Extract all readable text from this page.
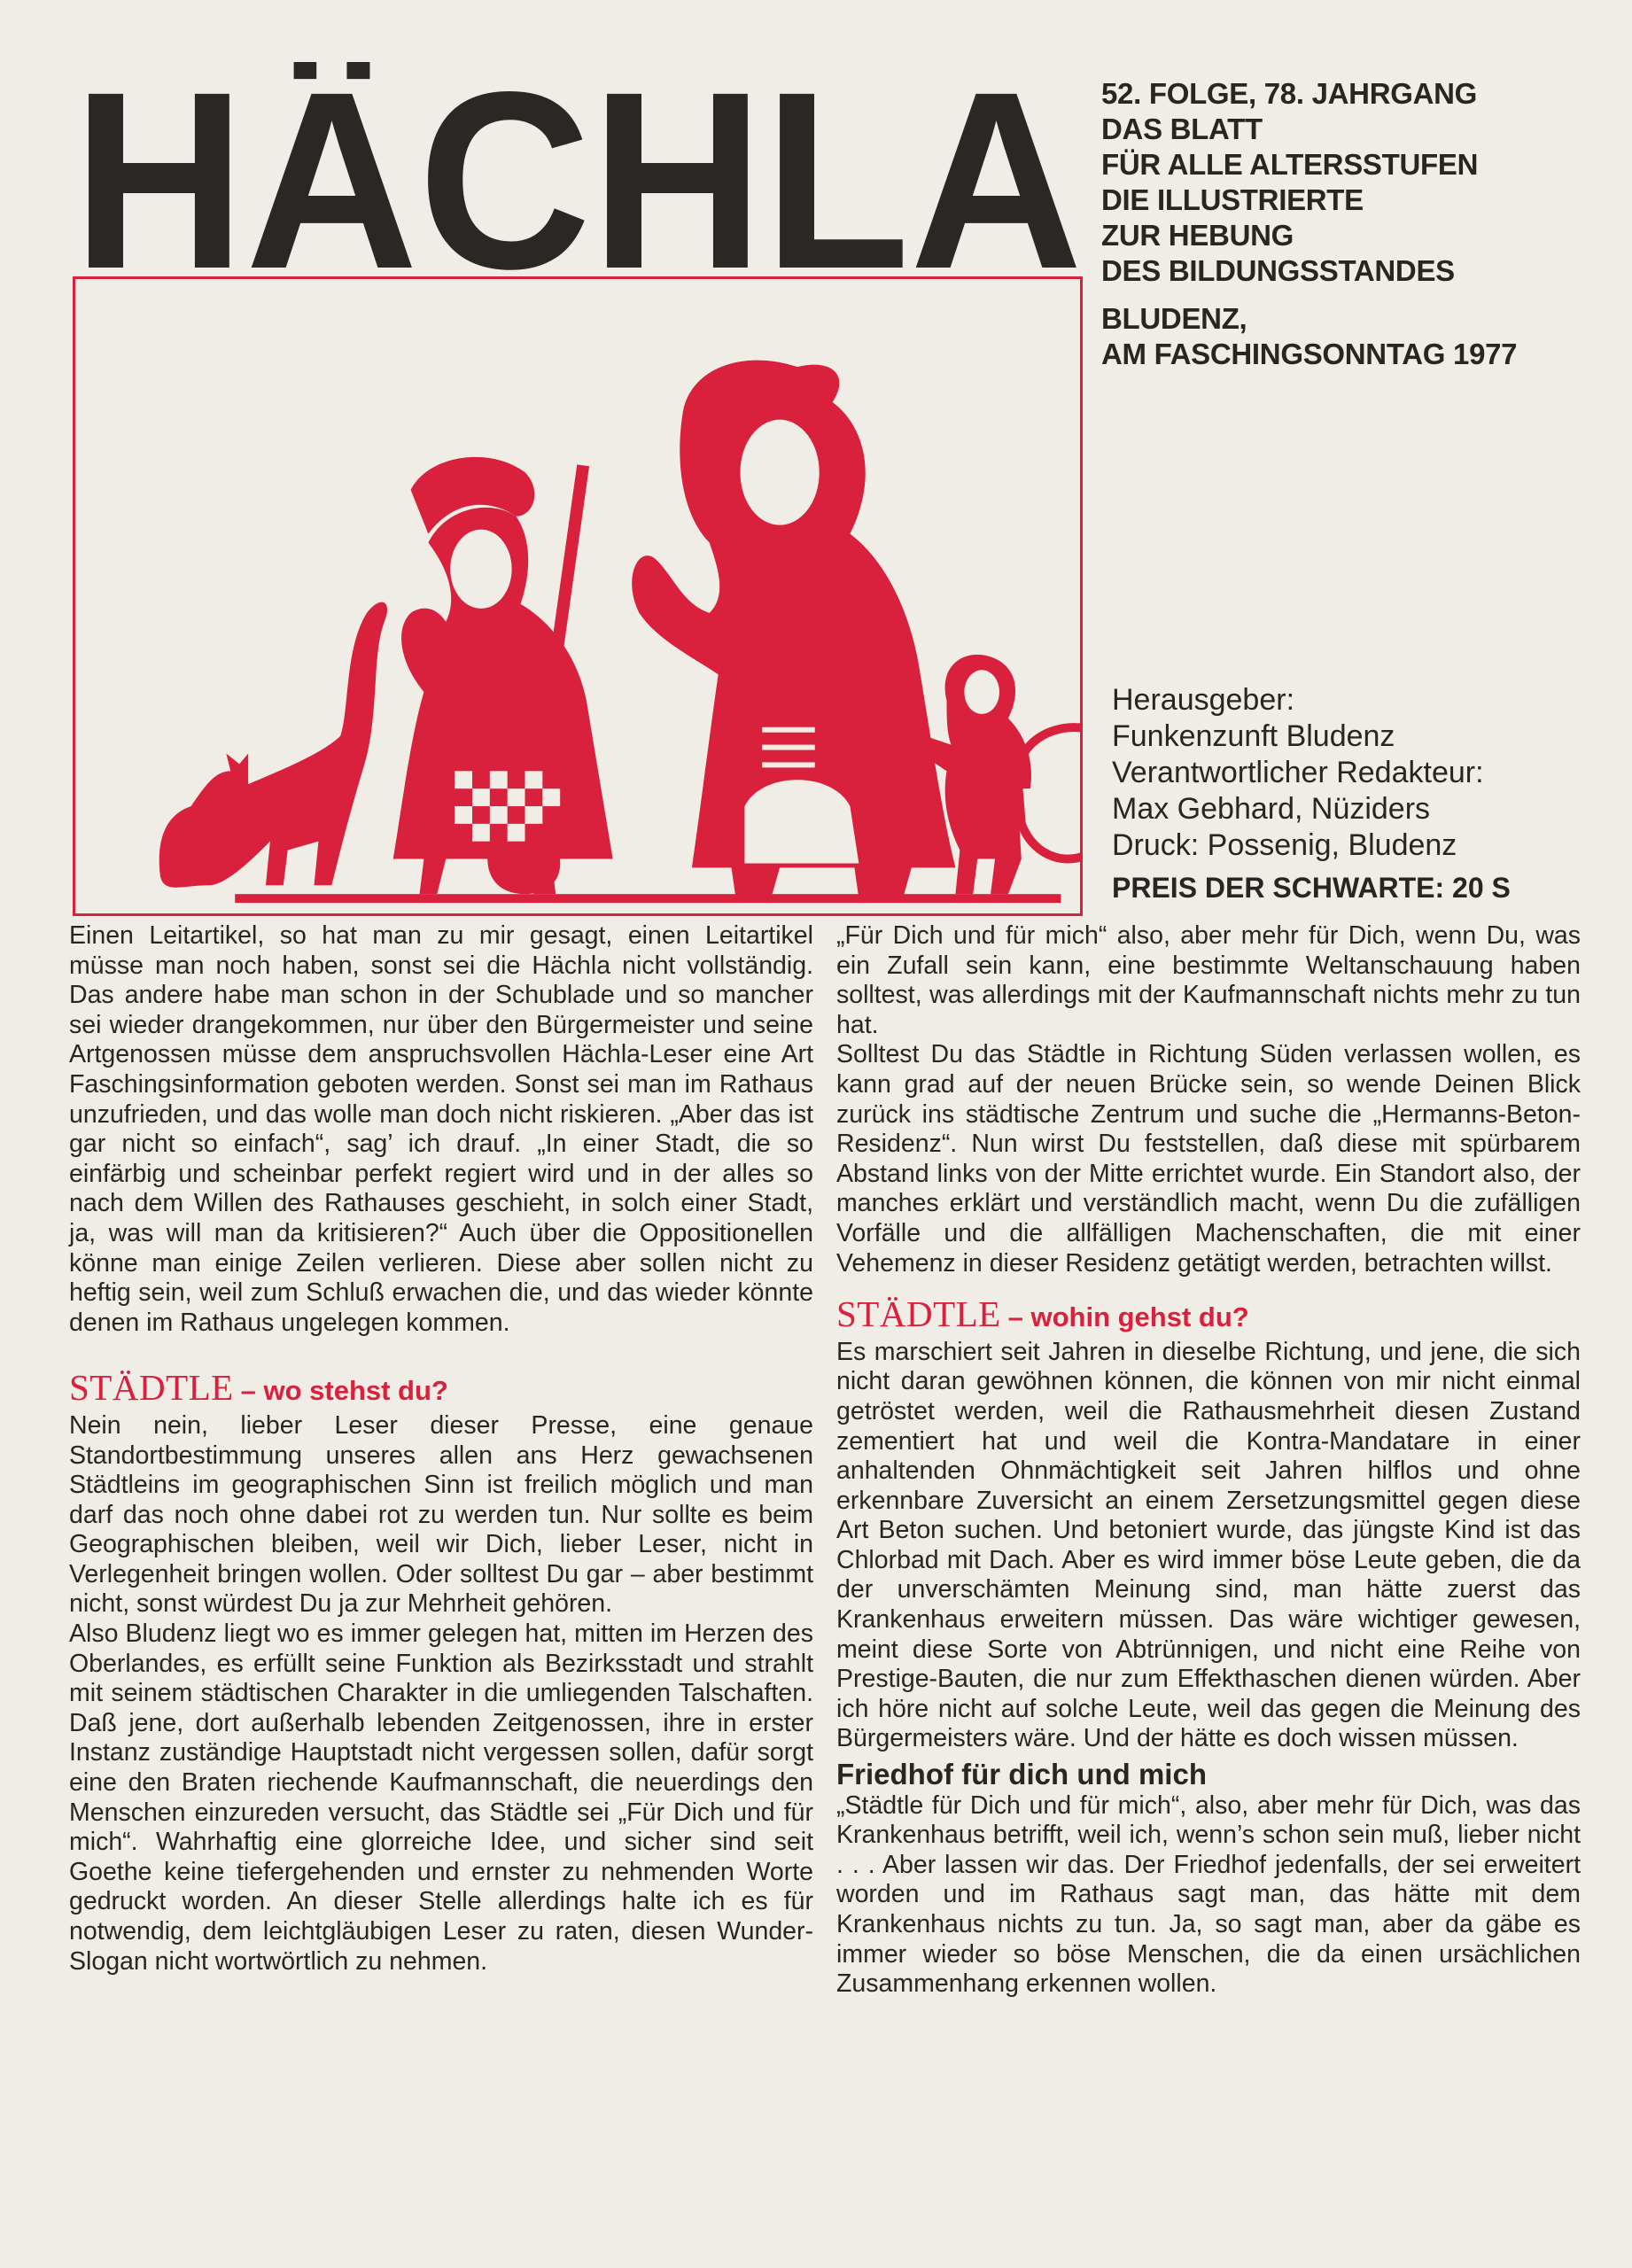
HÄCHLA 52. FOLGE, 78. JAHRGANG
DAS BLATT
FÜR ALLE ALTERSSTUFEN
DIE ILLUSTRIERTE
ZUR HEBUNG
DES BILDUNGSSTANDES
BLUDENZ,
AM FASCHINGSONNTAG 1977
Herausgeber:
Funkenzunft Bludenz
Verantwortlicher Redakteur:
Max Gebhard, Nüziders
Druck: Possenig, Bludenz
PREIS DER SCHWARTE: 20 S

Einen Leitartikel, so hat man zu mir gesagt, einen Leitartikel müsse man noch haben, sonst sei die Hächla nicht vollständig. Das andere habe man schon in der Schublade und so mancher sei wieder drangekommen, nur über den Bürgermeister und seine Artgenossen müsse dem anspruchsvollen Hächla-Leser eine Art Faschingsinformation geboten werden. Sonst sei man im Rathaus unzufrieden, und das wolle man doch nicht riskieren. „Aber das ist gar nicht so einfach“, sag’ ich drauf. „In einer Stadt, die so einfärbig und scheinbar perfekt regiert wird und in der alles so nach dem Willen des Rathauses geschieht, in solch einer Stadt, ja, was will man da kritisieren?“ Auch über die Oppositionellen könne man einige Zeilen verlieren. Diese aber sollen nicht zu heftig sein, weil zum Schluß erwachen die, und das wieder könnte denen im Rathaus ungelegen kommen.

STÄDTLE – wo stehst du?

Nein nein, lieber Leser dieser Presse, eine genaue Standortbestimmung unseres allen ans Herz gewachsenen Städtleins im geographischen Sinn ist freilich möglich und man darf das noch ohne dabei rot zu werden tun. Nur sollte es beim Geographischen bleiben, weil wir Dich, lieber Leser, nicht in Verlegenheit bringen wollen. Oder solltest Du gar – aber bestimmt nicht, sonst würdest Du ja zur Mehrheit gehören.

Also Bludenz liegt wo es immer gelegen hat, mitten im Herzen des Oberlandes, es erfüllt seine Funktion als Bezirksstadt und strahlt mit seinem städtischen Charakter in die umliegenden Talschaften. Daß jene, dort außerhalb lebenden Zeitgenossen, ihre in erster Instanz zuständige Hauptstadt nicht vergessen sollen, dafür sorgt eine den Braten riechende Kaufmannschaft, die neuerdings den Menschen einzureden versucht, das Städtle sei „Für Dich und für mich“. Wahrhaftig eine glorreiche Idee, und sicher sind seit Goethe keine tiefergehenden und ernster zu nehmenden Worte gedruckt worden. An dieser Stelle allerdings halte ich es für notwendig, dem leichtgläubigen Leser zu raten, diesen Wunder-Slogan nicht wortwörtlich zu nehmen.

„Für Dich und für mich“ also, aber mehr für Dich, wenn Du, was ein Zufall sein kann, eine bestimmte Weltanschauung haben solltest, was allerdings mit der Kaufmannschaft nichts mehr zu tun hat.

Solltest Du das Städtle in Richtung Süden verlassen wollen, es kann grad auf der neuen Brücke sein, so wende Deinen Blick zurück ins städtische Zentrum und suche die „Hermanns-Beton-Residenz“. Nun wirst Du feststellen, daß diese mit spürbarem Abstand links von der Mitte errichtet wurde. Ein Standort also, der manches erklärt und verständlich macht, wenn Du die zufälligen Vorfälle und die allfälligen Machenschaften, die mit einer Vehemenz in dieser Residenz getätigt werden, betrachten willst.

STÄDTLE – wohin gehst du?

Es marschiert seit Jahren in dieselbe Richtung, und jene, die sich nicht daran gewöhnen können, die können von mir nicht einmal getröstet werden, weil die Rathausmehrheit diesen Zustand zementiert hat und weil die Kontra-Mandatare in einer anhaltenden Ohnmächtigkeit seit Jahren hilflos und ohne erkennbare Zuversicht an einem Zersetzungsmittel gegen diese Art Beton suchen. Und betoniert wurde, das jüngste Kind ist das Chlorbad mit Dach. Aber es wird immer böse Leute geben, die da der unverschämten Meinung sind, man hätte zuerst das Krankenhaus erweitern müssen. Das wäre wichtiger gewesen, meint diese Sorte von Abtrünnigen, und nicht eine Reihe von Prestige-Bauten, die nur zum Effekthaschen dienen würden. Aber ich höre nicht auf solche Leute, weil das gegen die Meinung des Bürgermeisters wäre. Und der hätte es doch wissen müssen.

Friedhof für dich und mich

„Städtle für Dich und für mich“, also, aber mehr für Dich, was das Krankenhaus betrifft, weil ich, wenn’s schon sein muß, lieber nicht . . . Aber lassen wir das. Der Friedhof jedenfalls, der sei erweitert worden und im Rathaus sagt man, das hätte mit dem Krankenhaus nichts zu tun. Ja, so sagt man, aber da gäbe es immer wieder so böse Menschen, die da einen ursächlichen Zusammenhang erkennen wollen.
